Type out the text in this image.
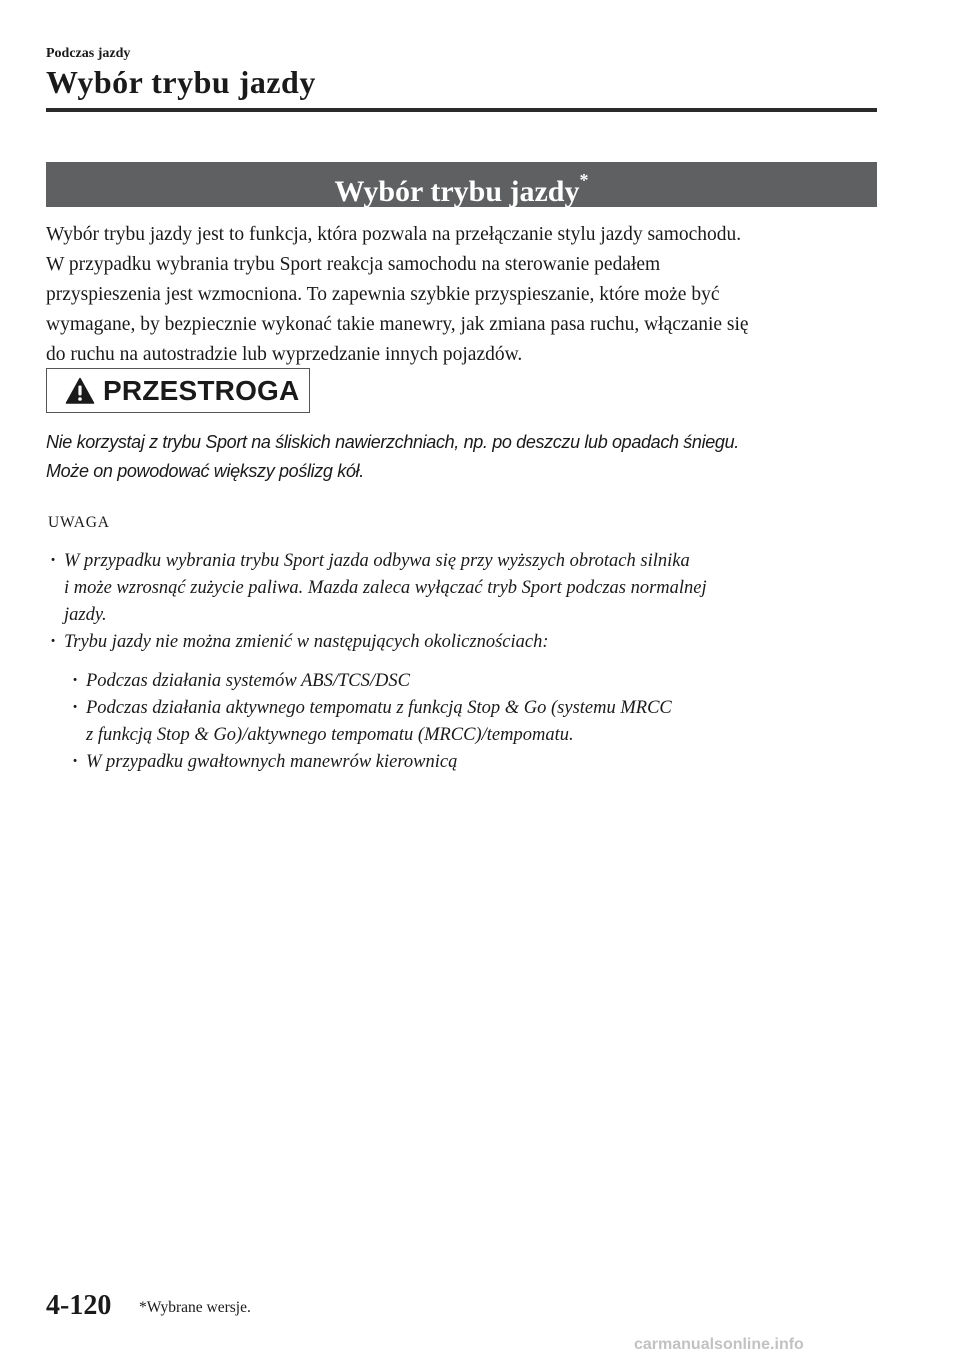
Podczas jazdy
Wybór trybu jazdy
Wybór trybu jazdy*
Wybór trybu jazdy jest to funkcja, która pozwala na przełączanie stylu jazdy samochodu.
W przypadku wybrania trybu Sport reakcja samochodu na sterowanie pedałem
przyspieszenia jest wzmocniona. To zapewnia szybkie przyspieszanie, które może być
wymagane, by bezpiecznie wykonać takie manewry, jak zmiana pasa ruchu, włączanie się
do ruchu na autostradzie lub wyprzedzanie innych pojazdów.
PRZESTROGA
Nie korzystaj z trybu Sport na śliskich nawierzchniach, np. po deszczu lub opadach śniegu.
Może on powodować większy poślizg kół.
UWAGA
· W przypadku wybrania trybu Sport jazda odbywa się przy wyższych obrotach silnika
i może wzrosnąć zużycie paliwa. Mazda zaleca wyłączać tryb Sport podczas normalnej
jazdy.
· Trybu jazdy nie można zmienić w następujących okolicznościach:
· Podczas działania systemów ABS/TCS/DSC
· Podczas działania aktywnego tempomatu z funkcją Stop & Go (systemu MRCC
z funkcją Stop & Go)/aktywnego tempomatu (MRCC)/tempomatu.
· W przypadku gwałtownych manewrów kierownicą
4-120 *Wybrane wersje.
carmanualsonline.info
